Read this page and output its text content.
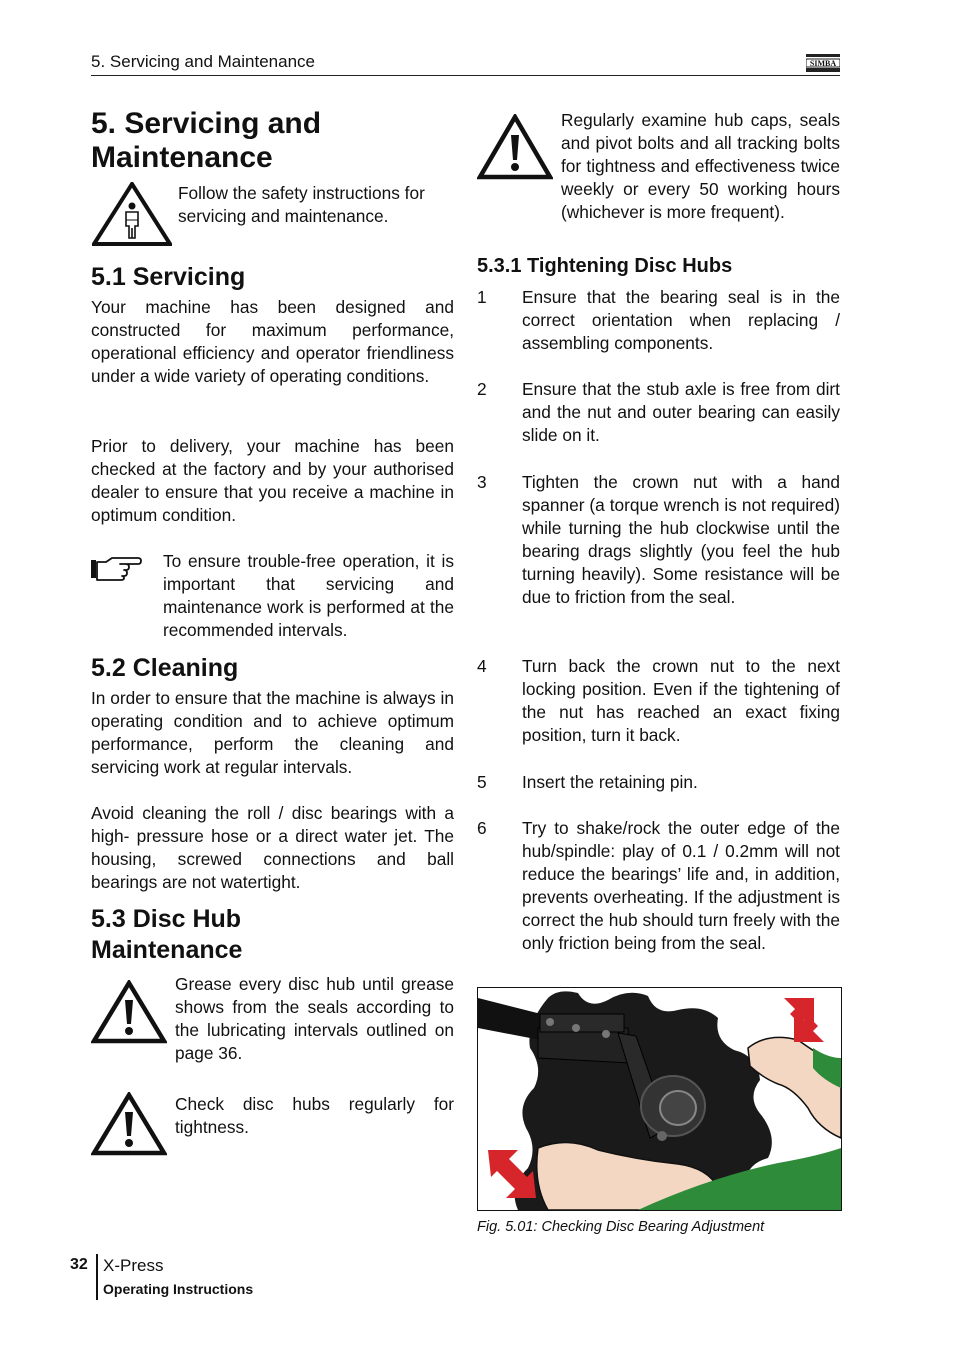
5. Servicing and Maintenance	SIMBA
5. Servicing and Maintenance
Follow the safety instructions for servicing and maintenance.
5.1 Servicing
Your machine has been designed and constructed for maximum performance, operational efficiency and operator friendliness under a wide variety of operating conditions.
Prior to delivery, your machine has been checked at the factory and by your authorised dealer to ensure that you receive a machine in optimum condition.
To ensure trouble-free operation, it is important that servicing and maintenance work is performed at the recommended intervals.
5.2 Cleaning
In order to ensure that the machine is always in operating condition and to achieve optimum performance, perform the cleaning and servicing work at regular intervals.
Avoid cleaning the roll / disc bearings with a high- pressure hose or a direct water jet. The housing, screwed connections and ball bearings are not watertight.
5.3 Disc Hub
Maintenance
Grease every disc hub until grease shows from the seals according to the lubricating intervals outlined on page 36.
Check disc hubs regularly for tightness.
Regularly examine hub caps, seals and pivot bolts and all tracking bolts for tightness and effectiveness twice weekly or every 50 working hours (whichever is more frequent).
5.3.1 Tightening Disc Hubs
1 Ensure that the bearing seal is in the correct orientation when replacing / assembling components.
2 Ensure that the stub axle is free from dirt and the nut and outer bearing can easily slide on it.
3 Tighten the crown nut with a hand spanner (a torque wrench is not required) while turning the hub clockwise until the bearing drags slightly (you feel the hub turning heavily). Some resistance will be due to friction from the seal.
4 Turn back the crown nut to the next locking position. Even if the tightening of the nut has reached an exact fixing position, turn it back.
5 Insert the retaining pin.
6 Try to shake/rock the outer edge of the hub/spindle: play of 0.1 / 0.2mm will not reduce the bearings’ life and, in addition, prevents overheating. If the adjustment is correct the hub should turn freely with the only friction being from the seal.
Fig. 5.01: Checking Disc Bearing Adjustment
32 X-Press
Operating Instructions
